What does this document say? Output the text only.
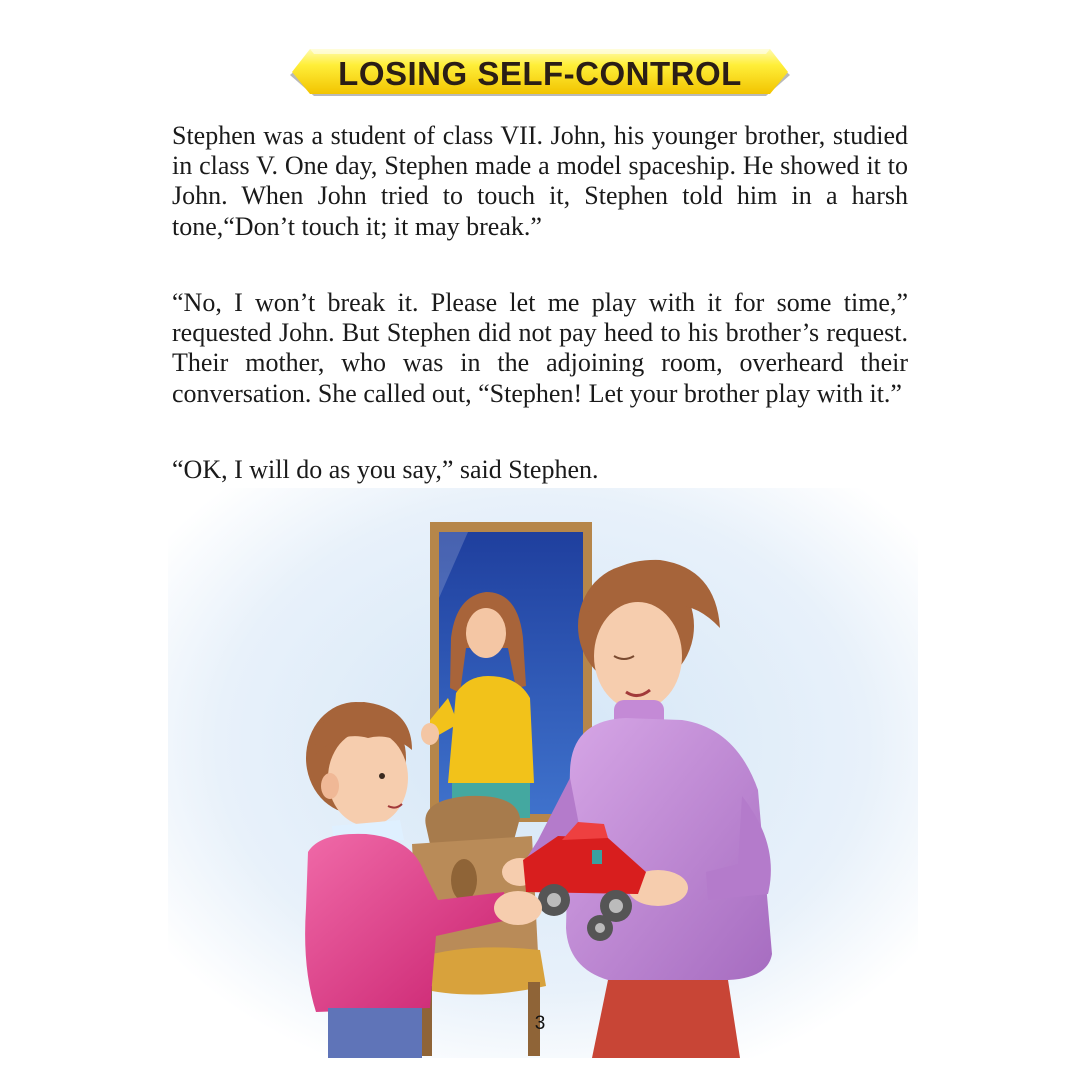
LOSING SELF-CONTROL

Stephen was a student of class VII. John, his younger brother, studied in class V. One day, Stephen made a model spaceship. He showed it to John. When John tried to touch it, Stephen told him in a harsh tone,“Don’t touch it; it may break.”

“No, I won’t break it. Please let me play with it for some time,” requested John. But Stephen did not pay heed to his brother’s request. Their mother, who was in the adjoining room, overheard their conversation. She called out, “Stephen! Let your brother play with it.”

“OK, I will do as you say,” said Stephen.

3
